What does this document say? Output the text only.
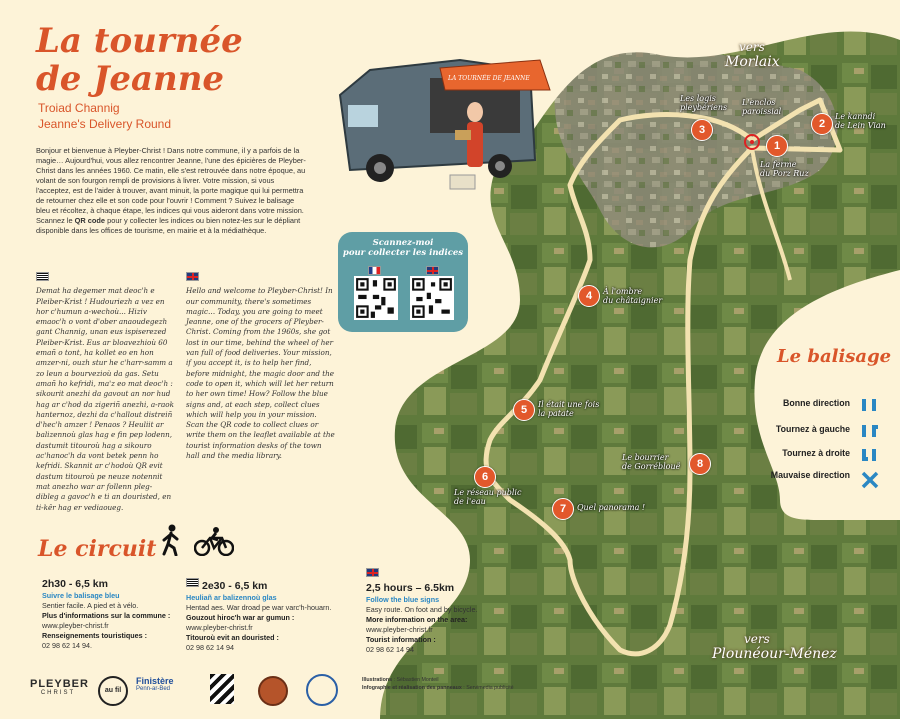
La tournée
de Jeanne
Troiad Channig
Jeanne's Delivery Round
LA TOURNÉE DE JEANNE
Bonjour et bienvenue à Pleyber-Christ ! Dans notre commune, il y a parfois de la magie… Aujourd'hui, vous allez rencontrer Jeanne, l'une des épicières de Pleyber-Christ dans les années 1960. Ce matin, elle s'est retrouvée dans notre époque, au volant de son fourgon rempli de provisions à livrer. Votre mission, si vous l'acceptez, est de l'aider à trouver, avant minuit, la porte magique qui lui permettra de retourner chez elle et son code pour l'ouvrir ! Comment ? Suivez le balisage bleu et récoltez, à chaque étape, les indices qui vous aideront dans votre mission. Scannez le QR code pour y collecter les indices ou bien notez-les sur le dépliant disponible dans les offices de tourisme, en mairie et à la médiathèque.
Demat ha degemer mat deoc'h e Pleiber-Krist ! Hudouriezh a vez en hor c'humun a-wechoù... Hiziv emaoc'h o vont d'ober anaoudegezh gant Channig, unan eus ispiserezed Pleiber-Krist. Eus ar bloavezhioù 60 emañ o tont, ha kollet eo en hon amzer-ni, ouzh stur he c'harr-samm a zo leun a bourvezioù da gas. Setu amañ ho kefridi, ma'z eo mat deoc'h : sikourit anezhi da gavout an nor hud hag ar c'hod da zigeriñ anezhi, a-raok hanternoz, dezhi da c'hallout distreiñ d'hec'h amzer ! Penaos ? Heuliit ar balizennoù glas hag e fin pep lodenn, dastumit titouroù hag a sikouro ac'hanoc'h da vont betek penn ho kefridi. Skannit ar c'hodoù QR evit dastum titouroù pe neuze notennit mat anezho war ar follenn pleg-dibleg a gavoc'h e ti an douristed, en ti-kêr hag er vediaoueg.
Hello and welcome to Pleyber-Christ! In our community, there's sometimes magic… Today, you are going to meet Jeanne, one of the grocers of Pleyber-Christ. Coming from the 1960s, she got lost in our time, behind the wheel of her van full of food deliveries. Your mission, if you accept it, is to help her find, before midnight, the magic door and the code to open it, which will let her return to her own time! How? Follow the blue signs and, at each step, collect clues which will help you in your mission. Scan the QR code to collect clues or write them on the leaflet available at the tourist information desks of the town hall and the media library.
Scannez-moi
pour collecter les indices
vers
Morlaix
vers
Plounéour-Ménez
L'enclos
paroissial
1
La ferme
du Porz Ruz
2
Le kanndi
de Lein Vian
3
Les logis
pleybériens
4	À l'ombre
du châtaignier
5	Il était une fois
la patate
6
Le réseau public
de l'eau
7	Quel panorama !
8
Le bourrier
de Gorréblouë
Le balisage
Bonne direction
Tournez à gauche
Tournez à droite
Mauvaise direction
Le circuit
2h30 - 6,5 km
Suivre le balisage bleu
Sentier facile. A pied et à vélo.
Plus d'informations sur la commune :
www.pleyber-christ.fr
Renseignements touristiques :
02 98 62 14 94.
2e30 - 6,5 km
Heuliañ ar balizennoù glas
Hentad aes. War droad pe war varc'h-houarn.
Gouzout hiroc'h war ar gumun :
www.pleyber-christ.fr
Titouroù evit an douristed :
02 98 62 14 94
2,5 hours – 6.5km
Follow the blue signs
Easy route. On foot and by bicycle.
More information on the area:
www.pleyber-christ.fr
Tourist information :
02 98 62 14 94
PLEYBER
CHRIST	au fil
Finistère
Penn-ar-Bed
Illustrations : Sébastien Monteil
Infographie et réalisation des panneaux : Servimedia publicité
